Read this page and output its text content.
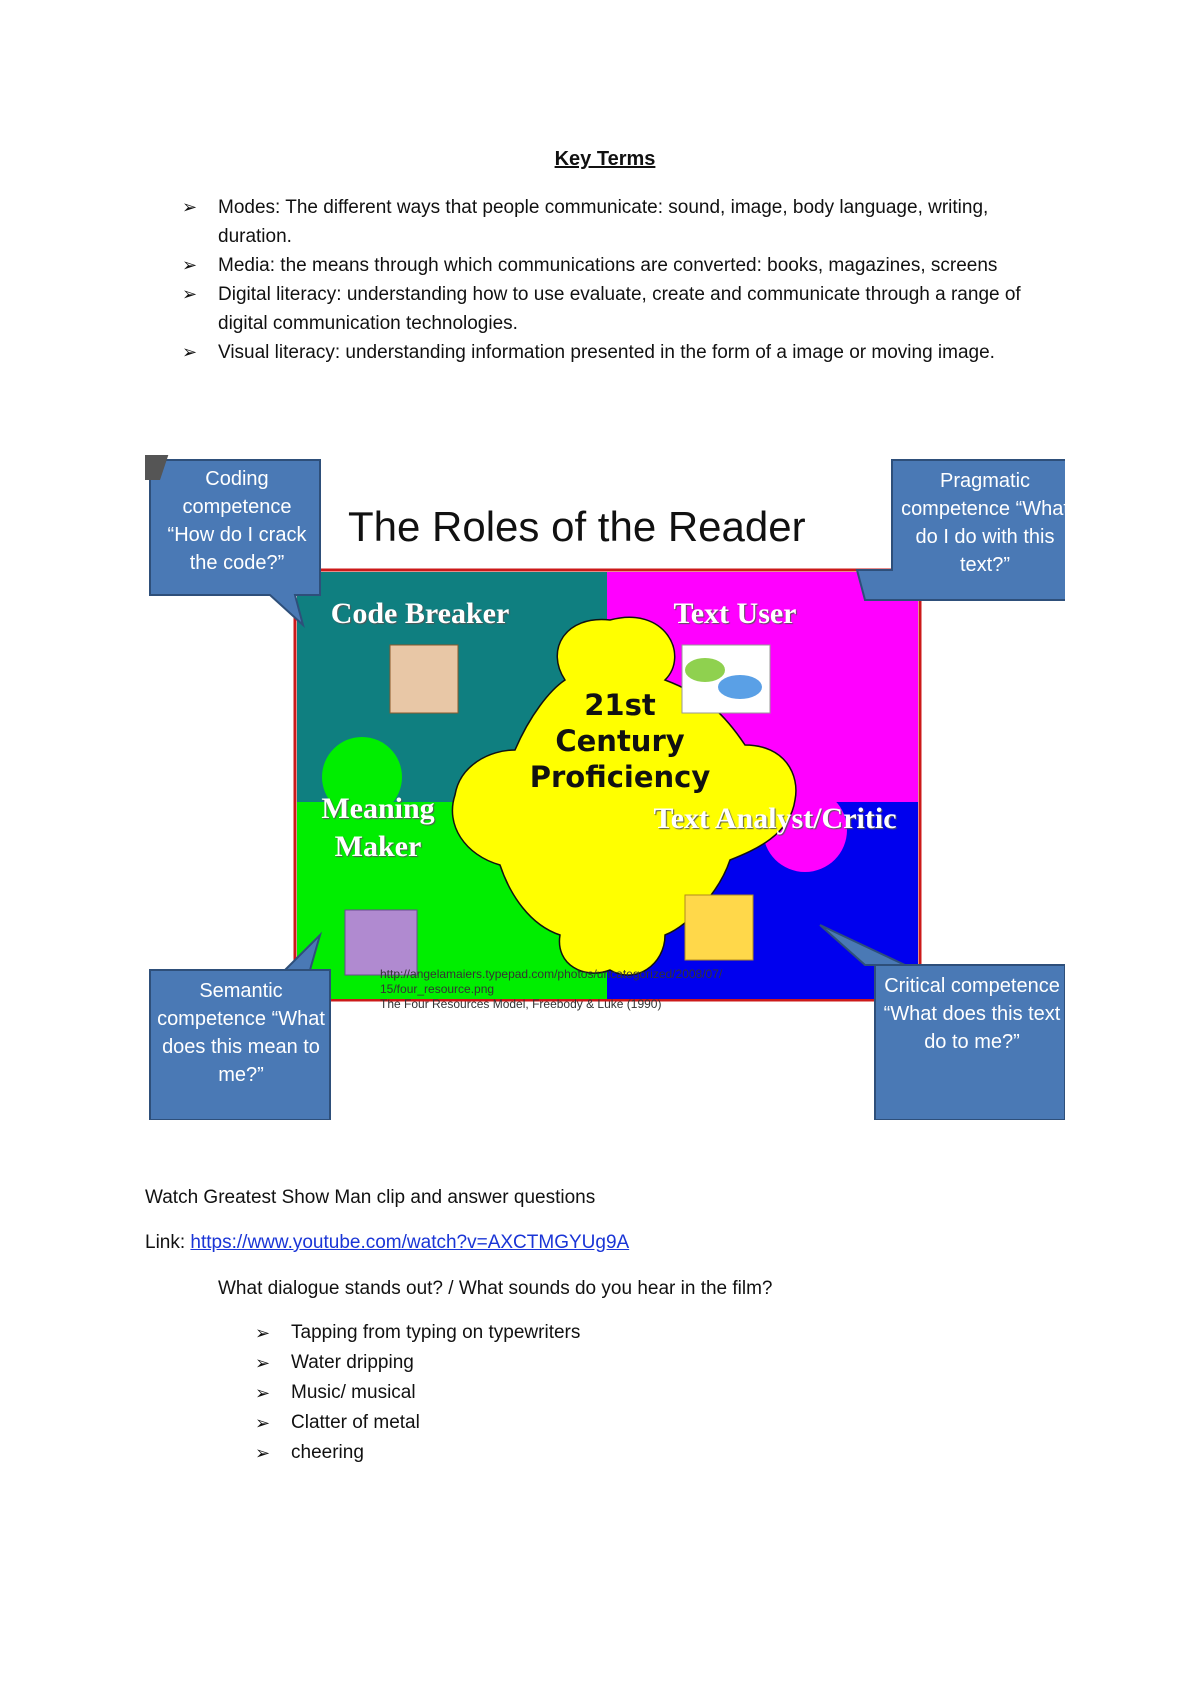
Key Terms
➢ Modes: The different ways that people communicate: sound, image, body language, writing, duration.
➢ Media: the means through which communications are converted: books, magazines, screens
➢ Digital literacy: understanding how to use evaluate, create and communicate through a range of digital communication technologies.
➢ Visual literacy: understanding information presented in the form of a image or moving image.
The Roles of the Reader
Coding competence “How do I crack the code?”
Pragmatic competence “What do I do with this text?”
Semantic competence “What does this mean to me?”
Critical competence “What does this text do to me?”
Code Breaker	Text User
Meaning Maker
Text Analyst/Critic
21st
Century
Proficiency
http://angelamaiers.typepad.com/photos/uncategorized/2008/07/
15/four_resource.png
The Four Resources Model, Freebody & Luke (1990)
Watch Greatest Show Man clip and answer questions
Link: https://www.youtube.com/watch?v=AXCTMGYUg9A
What dialogue stands out? / What sounds do you hear in the film?
➢ Tapping from typing on typewriters
➢ Water dripping
➢ Music/ musical
➢ Clatter of metal
➢ cheering
